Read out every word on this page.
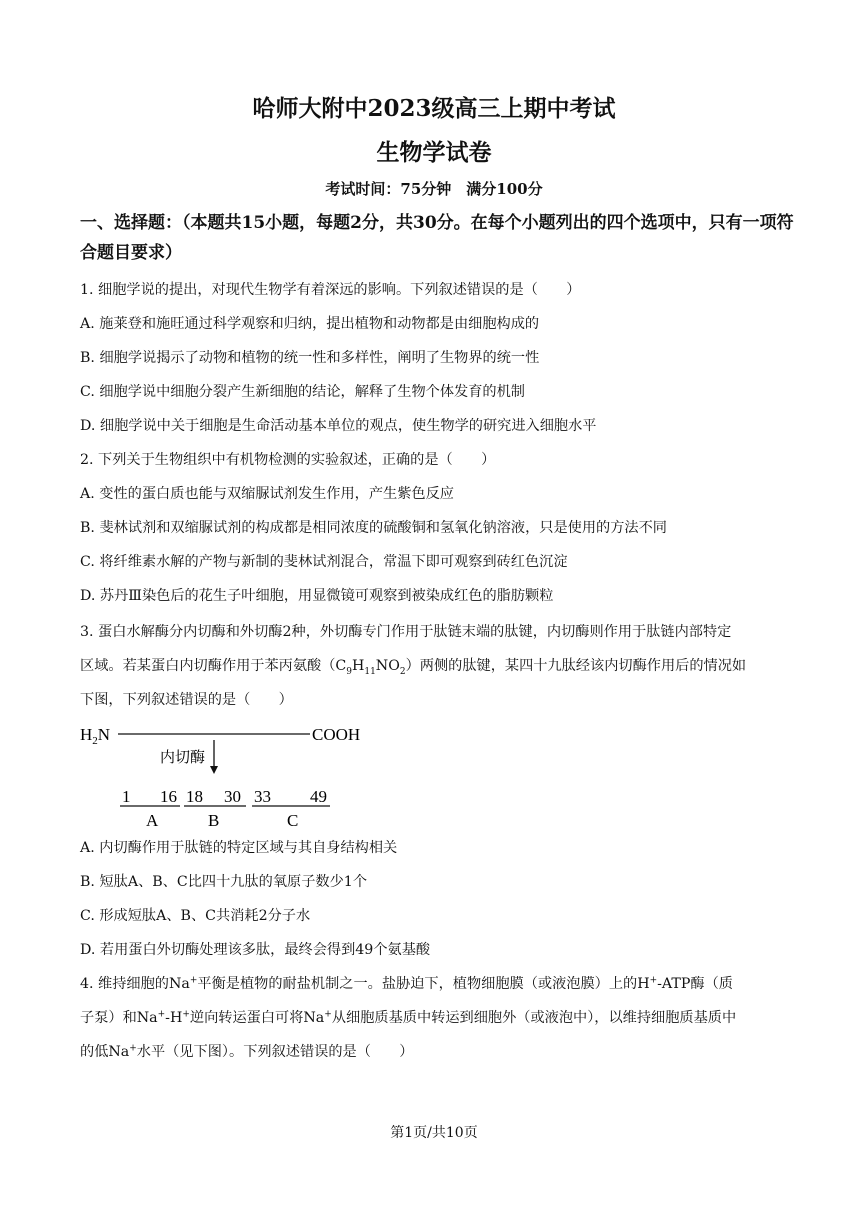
哈师大附中2023级高三上期中考试
生物学试卷
考试时间：75分钟　满分100分
一、选择题：（本题共15小题，每题2分，共30分。在每个小题列出的四个选项中，只有一项符合题目要求）
1. 细胞学说的提出，对现代生物学有着深远的影响。下列叙述错误的是（　　）
A. 施莱登和施旺通过科学观察和归纳，提出植物和动物都是由细胞构成的
B. 细胞学说揭示了动物和植物的统一性和多样性，阐明了生物界的统一性
C. 细胞学说中细胞分裂产生新细胞的结论，解释了生物个体发育的机制
D. 细胞学说中关于细胞是生命活动基本单位的观点，使生物学的研究进入细胞水平
2. 下列关于生物组织中有机物检测的实验叙述，正确的是（　　）
A. 变性的蛋白质也能与双缩脲试剂发生作用，产生紫色反应
B. 斐林试剂和双缩脲试剂的构成都是相同浓度的硫酸铜和氢氧化钠溶液，只是使用的方法不同
C. 将纤维素水解的产物与新制的斐林试剂混合，常温下即可观察到砖红色沉淀
D. 苏丹Ⅲ染色后的花生子叶细胞，用显微镜可观察到被染成红色的脂肪颗粒
3. 蛋白水解酶分内切酶和外切酶2种，外切酶专门作用于肽链末端的肽键，内切酶则作用于肽链内部特定
区域。若某蛋白内切酶作用于苯丙氨酸$(C_9H_{11}NO_2)$两侧的肽键，某四十九肽经该内切酶作用后的情况如
下图，下列叙述错误的是（　　）
$H_2N$	COOH
内切酶
1 16 18 30 33 49
A	B	C
A. 内切酶作用于肽链的特定区域与其自身结构相关
B. 短肽A、B、C比四十九肽的氧原子数少1个
C. 形成短肽A、B、C共消耗2分子水
D. 若用蛋白外切酶处理该多肽，最终会得到49个氨基酸
4. 维持细胞的Na+平衡是植物的耐盐机制之一。盐胁迫下，植物细胞膜（或液泡膜）上的H+-ATP酶（质
子泵）和Na+-H+逆向转运蛋白可将Na+从细胞质基质中转运到细胞外（或液泡中），以维持细胞质基质中
的低Na+水平（见下图）。下列叙述错误的是（　　）
第1页/共10页
